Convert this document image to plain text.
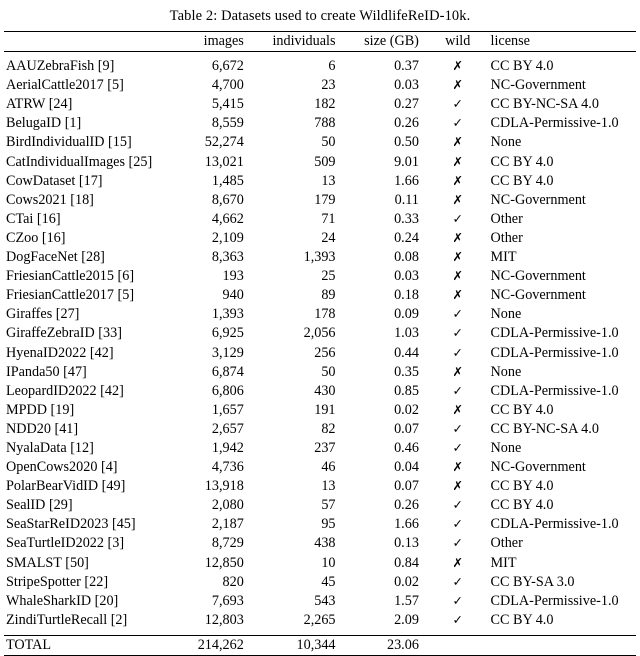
Table 2: Datasets used to create WildlifeReID-10k.
	images	individuals	size (GB)	wild	license

AAUZebraFish [9]	6,672	6	0.37	✗	CC BY 4.0
AerialCattle2017 [5]	4,700	23	0.03	✗	NC-Government
ATRW [24]	5,415	182	0.27	✓	CC BY-NC-SA 4.0
BelugaID [1]	8,559	788	0.26	✓	CDLA-Permissive-1.0
BirdIndividualID [15]	52,274	50	0.50	✗	None
CatIndividualImages [25]	13,021	509	9.01	✗	CC BY 4.0
CowDataset [17]	1,485	13	1.66	✗	CC BY 4.0
Cows2021 [18]	8,670	179	0.11	✗	NC-Government
CTai [16]	4,662	71	0.33	✓	Other
CZoo [16]	2,109	24	0.24	✗	Other
DogFaceNet [28]	8,363	1,393	0.08	✗	MIT
FriesianCattle2015 [6]	193	25	0.03	✗	NC-Government
FriesianCattle2017 [5]	940	89	0.18	✗	NC-Government
Giraffes [27]	1,393	178	0.09	✓	None
GiraffeZebraID [33]	6,925	2,056	1.03	✓	CDLA-Permissive-1.0
HyenaID2022 [42]	3,129	256	0.44	✓	CDLA-Permissive-1.0
IPanda50 [47]	6,874	50	0.35	✗	None
LeopardID2022 [42]	6,806	430	0.85	✓	CDLA-Permissive-1.0
MPDD [19]	1,657	191	0.02	✗	CC BY 4.0
NDD20 [41]	2,657	82	0.07	✓	CC BY-NC-SA 4.0
NyalaData [12]	1,942	237	0.46	✓	None
OpenCows2020 [4]	4,736	46	0.04	✗	NC-Government
PolarBearVidID [49]	13,918	13	0.07	✗	CC BY 4.0
SealID [29]	2,080	57	0.26	✓	CC BY 4.0
SeaStarReID2023 [45]	2,187	95	1.66	✓	CDLA-Permissive-1.0
SeaTurtleID2022 [3]	8,729	438	0.13	✓	Other
SMALST [50]	12,850	10	0.84	✗	MIT
StripeSpotter [22]	820	45	0.02	✓	CC BY-SA 3.0
WhaleSharkID [20]	7,693	543	1.57	✓	CDLA-Permissive-1.0
ZindiTurtleRecall [2]	12,803	2,265	2.09	✓	CC BY 4.0

TOTAL	214,262	10,344	23.06		
